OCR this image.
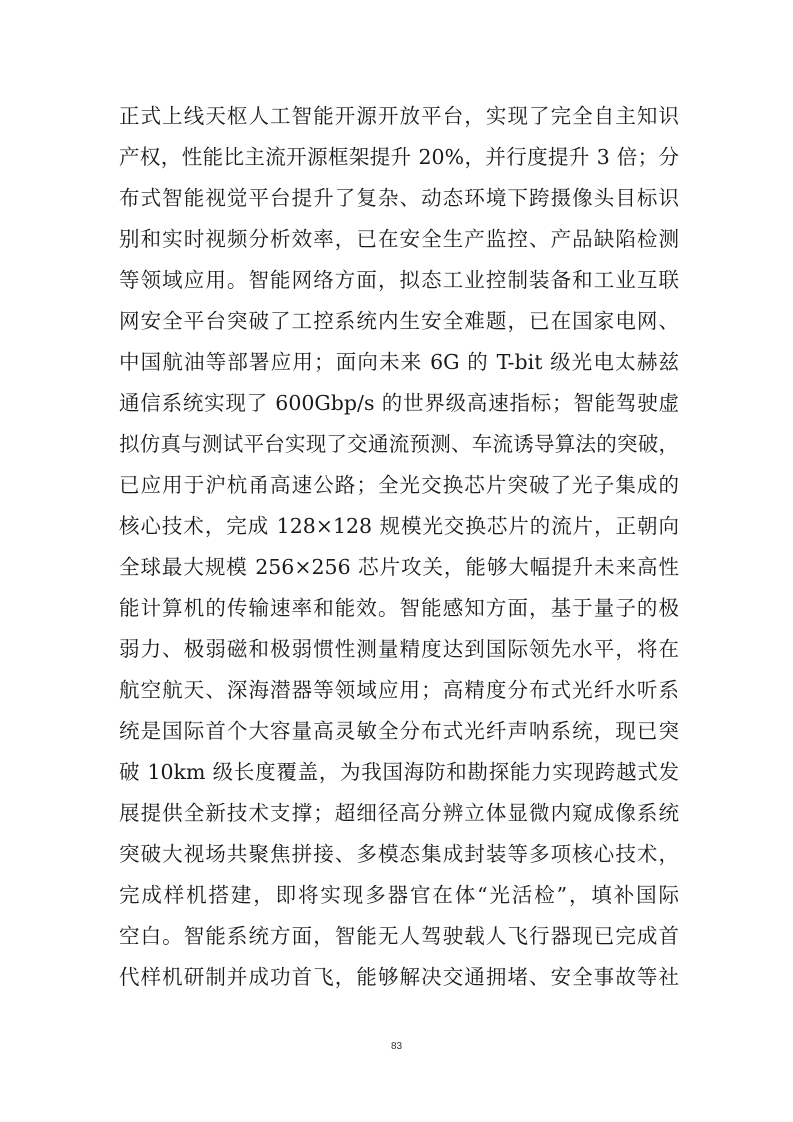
正式上线天枢人工智能开源开放平台，实现了完全自主知识
产权，性能比主流开源框架提升 20%，并行度提升 3 倍；分
布式智能视觉平台提升了复杂、动态环境下跨摄像头目标识
别和实时视频分析效率，已在安全生产监控、产品缺陷检测
等领域应用。智能网络方面，拟态工业控制装备和工业互联
网安全平台突破了工控系统内生安全难题，已在国家电网、
中国航油等部署应用；面向未来 6G 的 T-bit 级光电太赫兹
通信系统实现了 600Gbp/s 的世界级高速指标；智能驾驶虚
拟仿真与测试平台实现了交通流预测、车流诱导算法的突破，
已应用于沪杭甬高速公路；全光交换芯片突破了光子集成的
核心技术，完成 128×128 规模光交换芯片的流片，正朝向
全球最大规模 256×256 芯片攻关，能够大幅提升未来高性
能计算机的传输速率和能效。智能感知方面，基于量子的极
弱力、极弱磁和极弱惯性测量精度达到国际领先水平，将在
航空航天、深海潜器等领域应用；高精度分布式光纤水听系
统是国际首个大容量高灵敏全分布式光纤声呐系统，现已突
破 10km 级长度覆盖，为我国海防和勘探能力实现跨越式发
展提供全新技术支撑；超细径高分辨立体显微内窥成像系统
突破大视场共聚焦拼接、多模态集成封装等多项核心技术，
完成样机搭建，即将实现多器官在体“光活检”，填补国际
空白。智能系统方面，智能无人驾驶载人飞行器现已完成首
代样机研制并成功首飞，能够解决交通拥堵、安全事故等社
83
